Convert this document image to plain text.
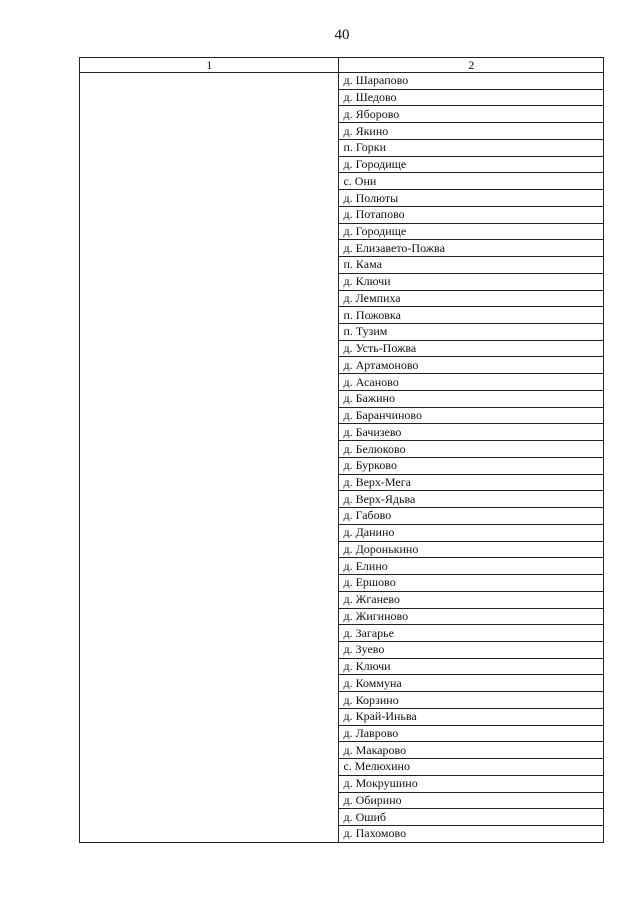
40
1	2
	д. Шарапово
	д. Шедово
	д. Яборово
	д. Якино
	п. Горки
	д. Городище
	с. Они
	д. Полюты
	д. Потапово
	д. Городище
	д. Елизавето-Пожва
	п. Кама
	д. Ключи
	д. Лемпиха
	п. Пожовка
	п. Тузим
	д. Усть-Пожва
	д. Артамоново
	д. Асаново
	д. Бажино
	д. Баранчиново
	д. Бачизево
	д. Белюково
	д. Бурково
	д. Верх-Мега
	д. Верх-Ядьва
	д. Габово
	д. Данино
	д. Доронькино
	д. Елино
	д. Ершово
	д. Жганево
	д. Жигиново
	д. Загарье
	д. Зуево
	д. Ключи
	д. Коммуна
	д. Корзино
	д. Край-Иньва
	д. Лаврово
	д. Макарово
	с. Мелюхино
	д. Мокрушино
	д. Обирино
	д. Ошиб
	д. Пахомово
